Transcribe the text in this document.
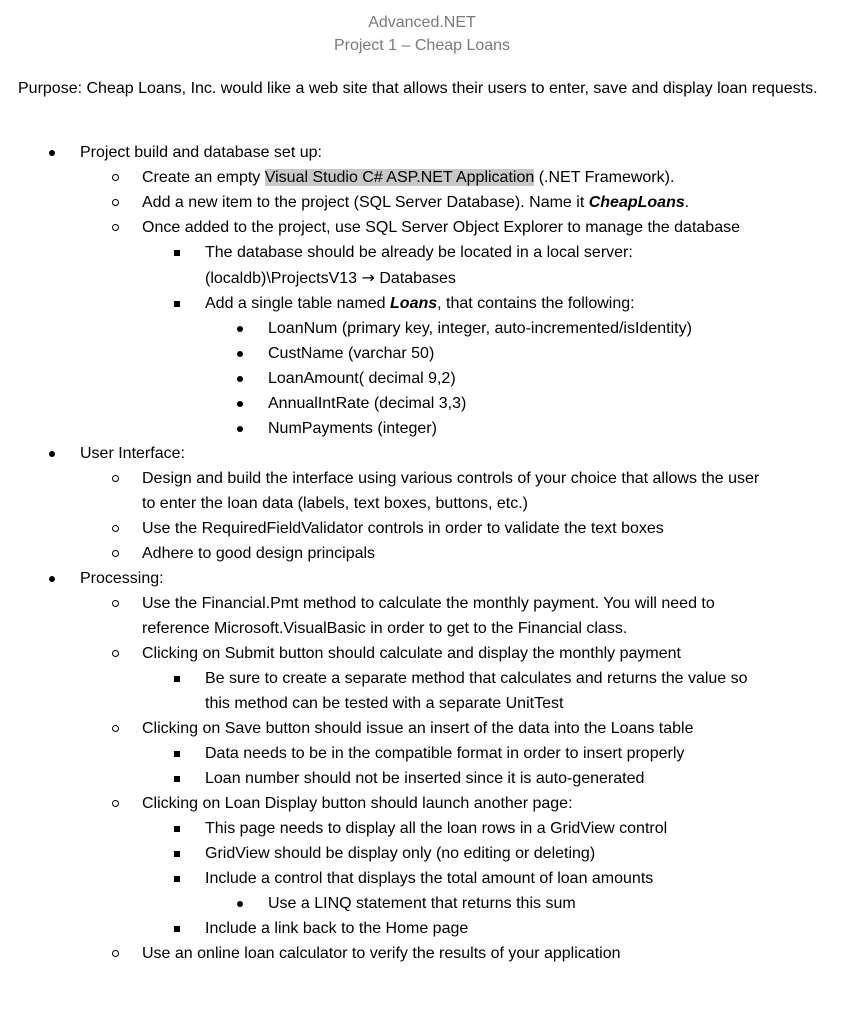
Advanced.NET
Project 1 – Cheap Loans
Purpose: Cheap Loans, Inc. would like a web site that allows their users to enter, save and display loan requests.
Project build and database set up:
Create an empty Visual Studio C# ASP.NET Application (.NET Framework).
Add a new item to the project (SQL Server Database). Name it CheapLoans.
Once added to the project, use SQL Server Object Explorer to manage the database
The database should be already be located in a local server:
(localdb)\ProjectsV13 → Databases
Add a single table named Loans, that contains the following:
LoanNum (primary key, integer, auto-incremented/isIdentity)
CustName (varchar 50)
LoanAmount( decimal 9,2)
AnnualIntRate (decimal 3,3)
NumPayments (integer)
User Interface:
Design and build the interface using various controls of your choice that allows the user
to enter the loan data (labels, text boxes, buttons, etc.)
Use the RequiredFieldValidator controls in order to validate the text boxes
Adhere to good design principals
Processing:
Use the Financial.Pmt method to calculate the monthly payment. You will need to
reference Microsoft.VisualBasic in order to get to the Financial class.
Clicking on Submit button should calculate and display the monthly payment
Be sure to create a separate method that calculates and returns the value so
this method can be tested with a separate UnitTest
Clicking on Save button should issue an insert of the data into the Loans table
Data needs to be in the compatible format in order to insert properly
Loan number should not be inserted since it is auto-generated
Clicking on Loan Display button should launch another page:
This page needs to display all the loan rows in a GridView control
GridView should be display only (no editing or deleting)
Include a control that displays the total amount of loan amounts
Use a LINQ statement that returns this sum
Include a link back to the Home page
Use an online loan calculator to verify the results of your application
